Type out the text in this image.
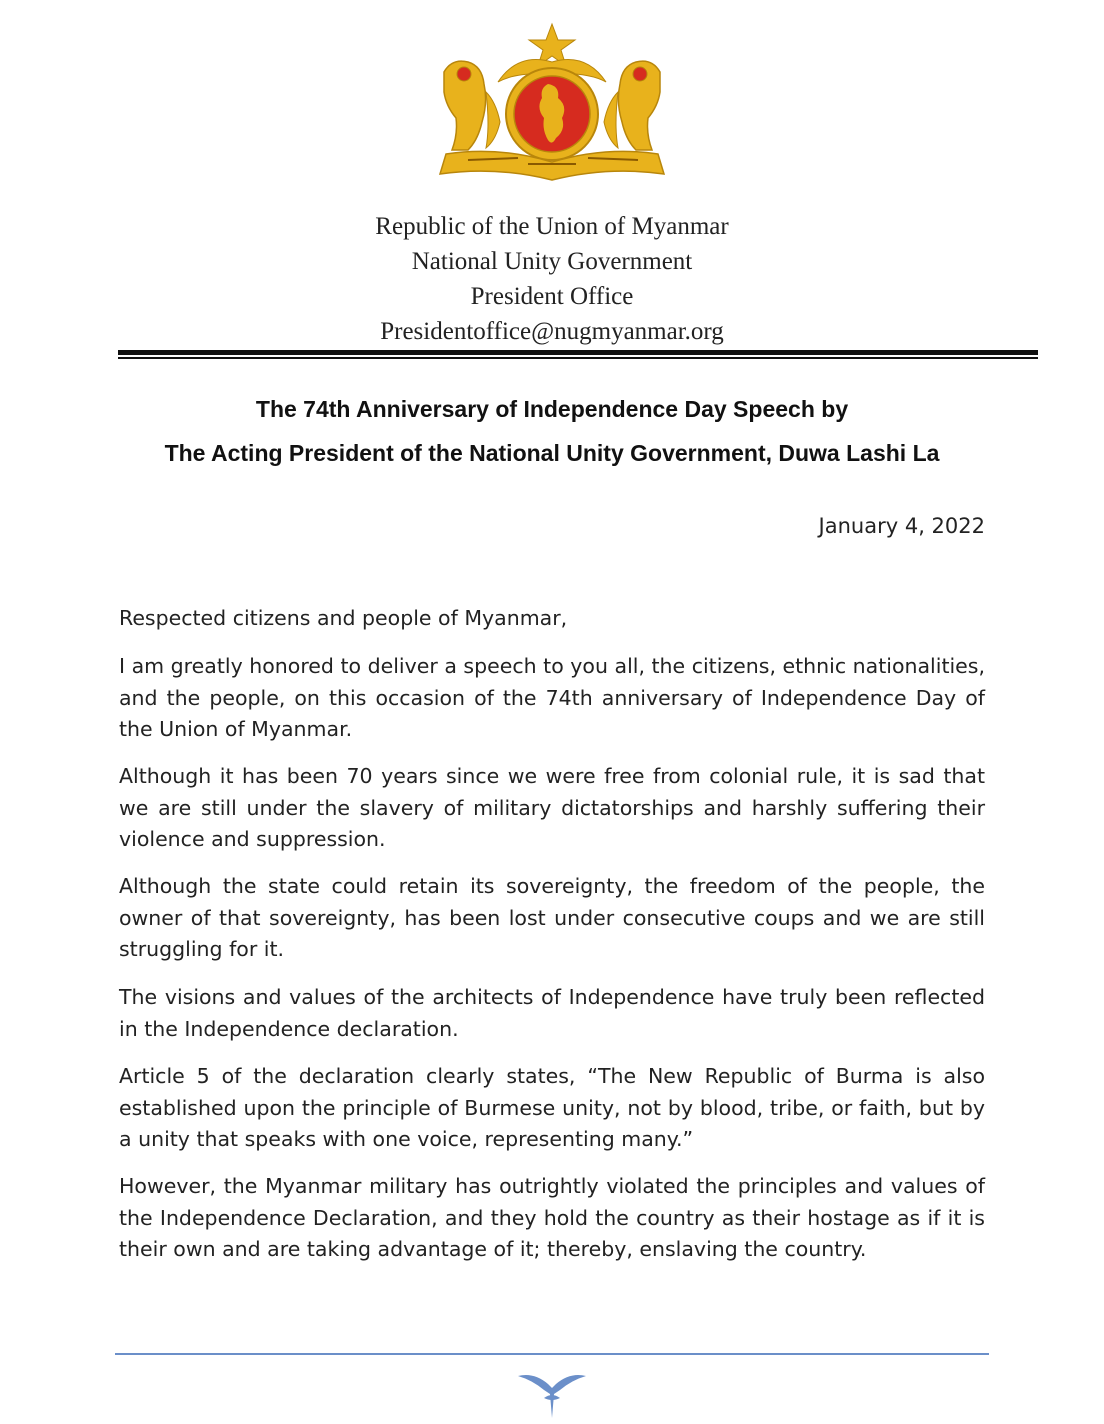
Republic of the Union of Myanmar
National Unity Government
President Office
Presidentoffice@nugmyanmar.org
The 74th Anniversary of Independence Day Speech by
The Acting President of the National Unity Government, Duwa Lashi La
January 4, 2022

Respected citizens and people of Myanmar,

I am greatly honored to deliver a speech to you all, the citizens, ethnic nationalities, and the people, on this occasion of the 74th anniversary of Independence Day of the Union of Myanmar.

Although it has been 70 years since we were free from colonial rule, it is sad that we are still under the slavery of military dictatorships and harshly suffering their violence and suppression.

Although the state could retain its sovereignty, the freedom of the people, the owner of that sovereignty, has been lost under consecutive coups and we are still struggling for it.

The visions and values of the architects of Independence have truly been reflected in the Independence declaration.

Article 5 of the declaration clearly states, “The New Republic of Burma is also established upon the principle of Burmese unity, not by blood, tribe, or faith, but by a unity that speaks with one voice, representing many.”

However, the Myanmar military has outrightly violated the principles and values of the Independence Declaration, and they hold the country as their hostage as if it is their own and are taking advantage of it; thereby, enslaving the country.
